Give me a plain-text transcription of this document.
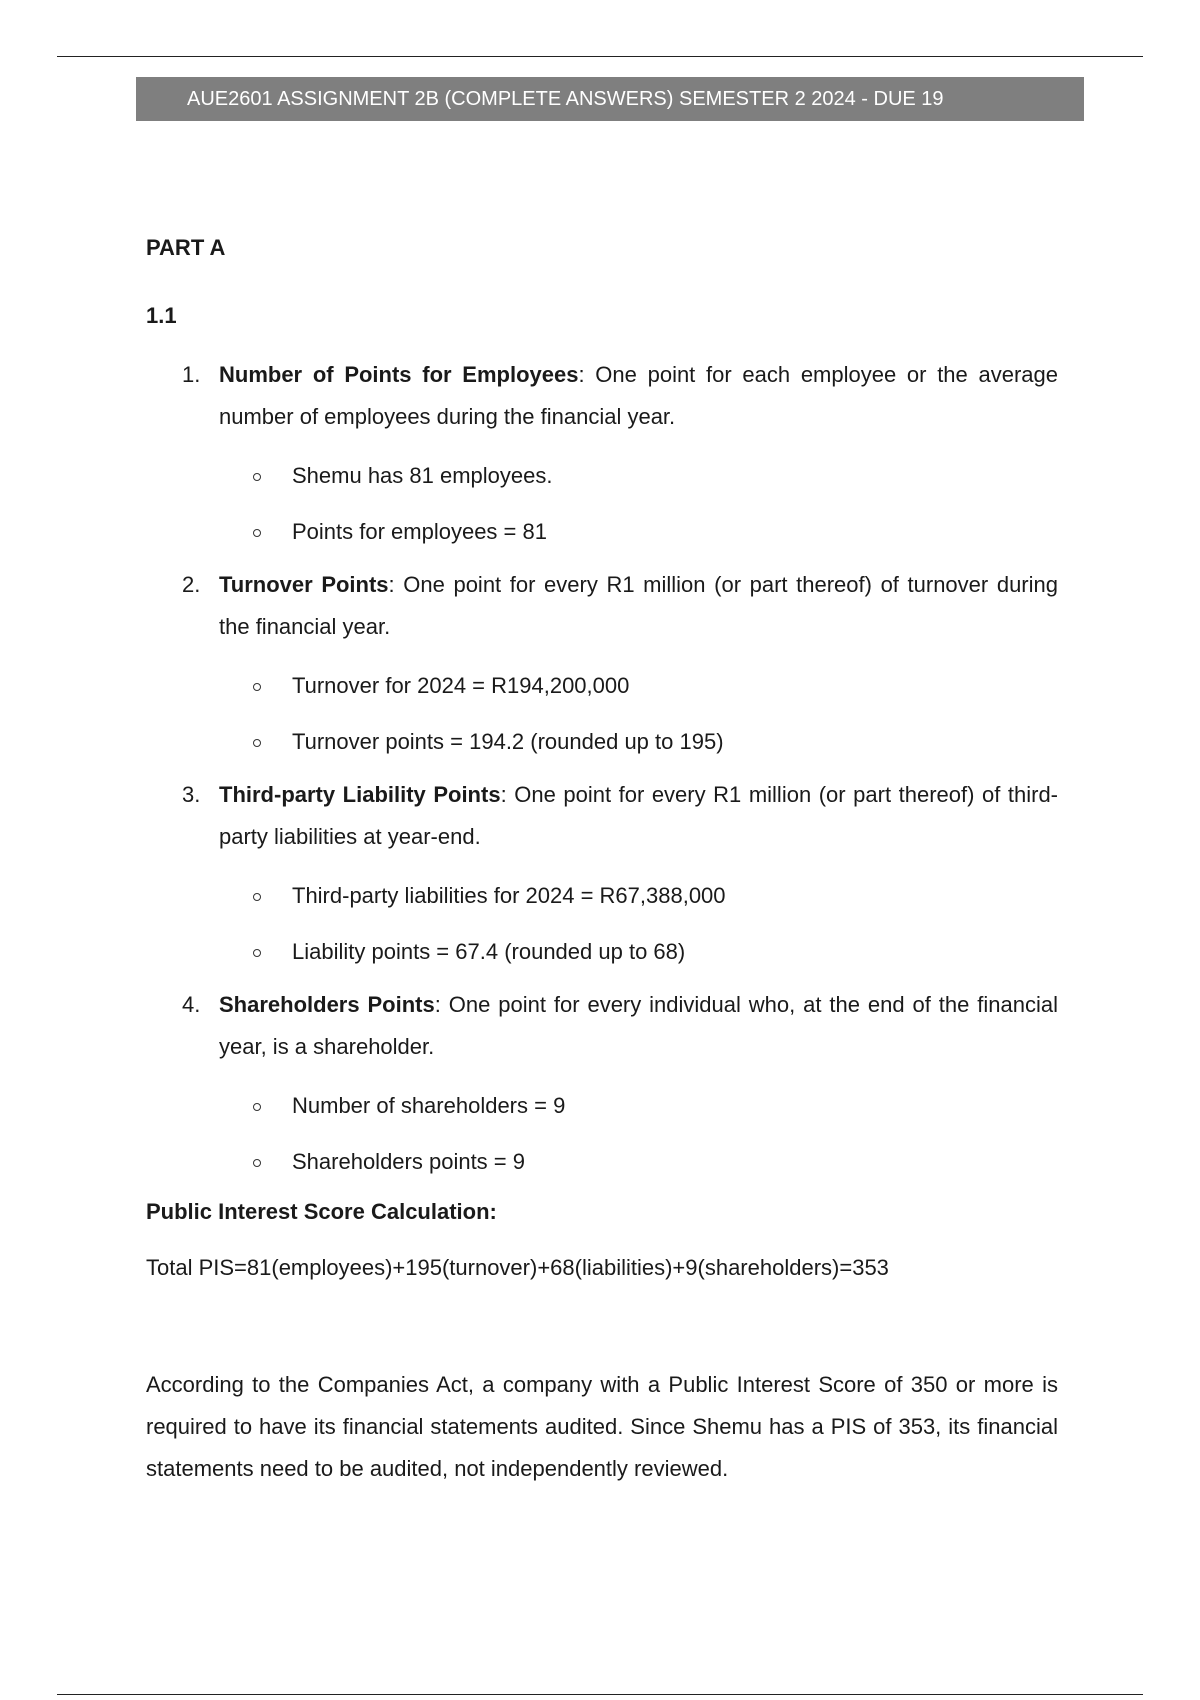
AUE2601 ASSIGNMENT 2B (COMPLETE ANSWERS) SEMESTER 2 2024 - DUE 19
PART A
1.1
1. Number of Points for Employees: One point for each employee or the average number of employees during the financial year.

Shemu has 81 employees.
Points for employees = 81
2. Turnover Points: One point for every R1 million (or part thereof) of turnover during the financial year.

Turnover for 2024 = R194,200,000
Turnover points = 194.2 (rounded up to 195)
3. Third-party Liability Points: One point for every R1 million (or part thereof) of third-party liabilities at year-end.

Third-party liabilities for 2024 = R67,388,000
Liability points = 67.4 (rounded up to 68)
4. Shareholders Points: One point for every individual who, at the end of the financial year, is a shareholder.

Number of shareholders = 9
Shareholders points = 9
Public Interest Score Calculation:

Total PIS=81(employees)+195(turnover)+68(liabilities)+9(shareholders)=353

According to the Companies Act, a company with a Public Interest Score of 350 or more is required to have its financial statements audited. Since Shemu has a PIS of 353, its financial statements need to be audited, not independently reviewed.
